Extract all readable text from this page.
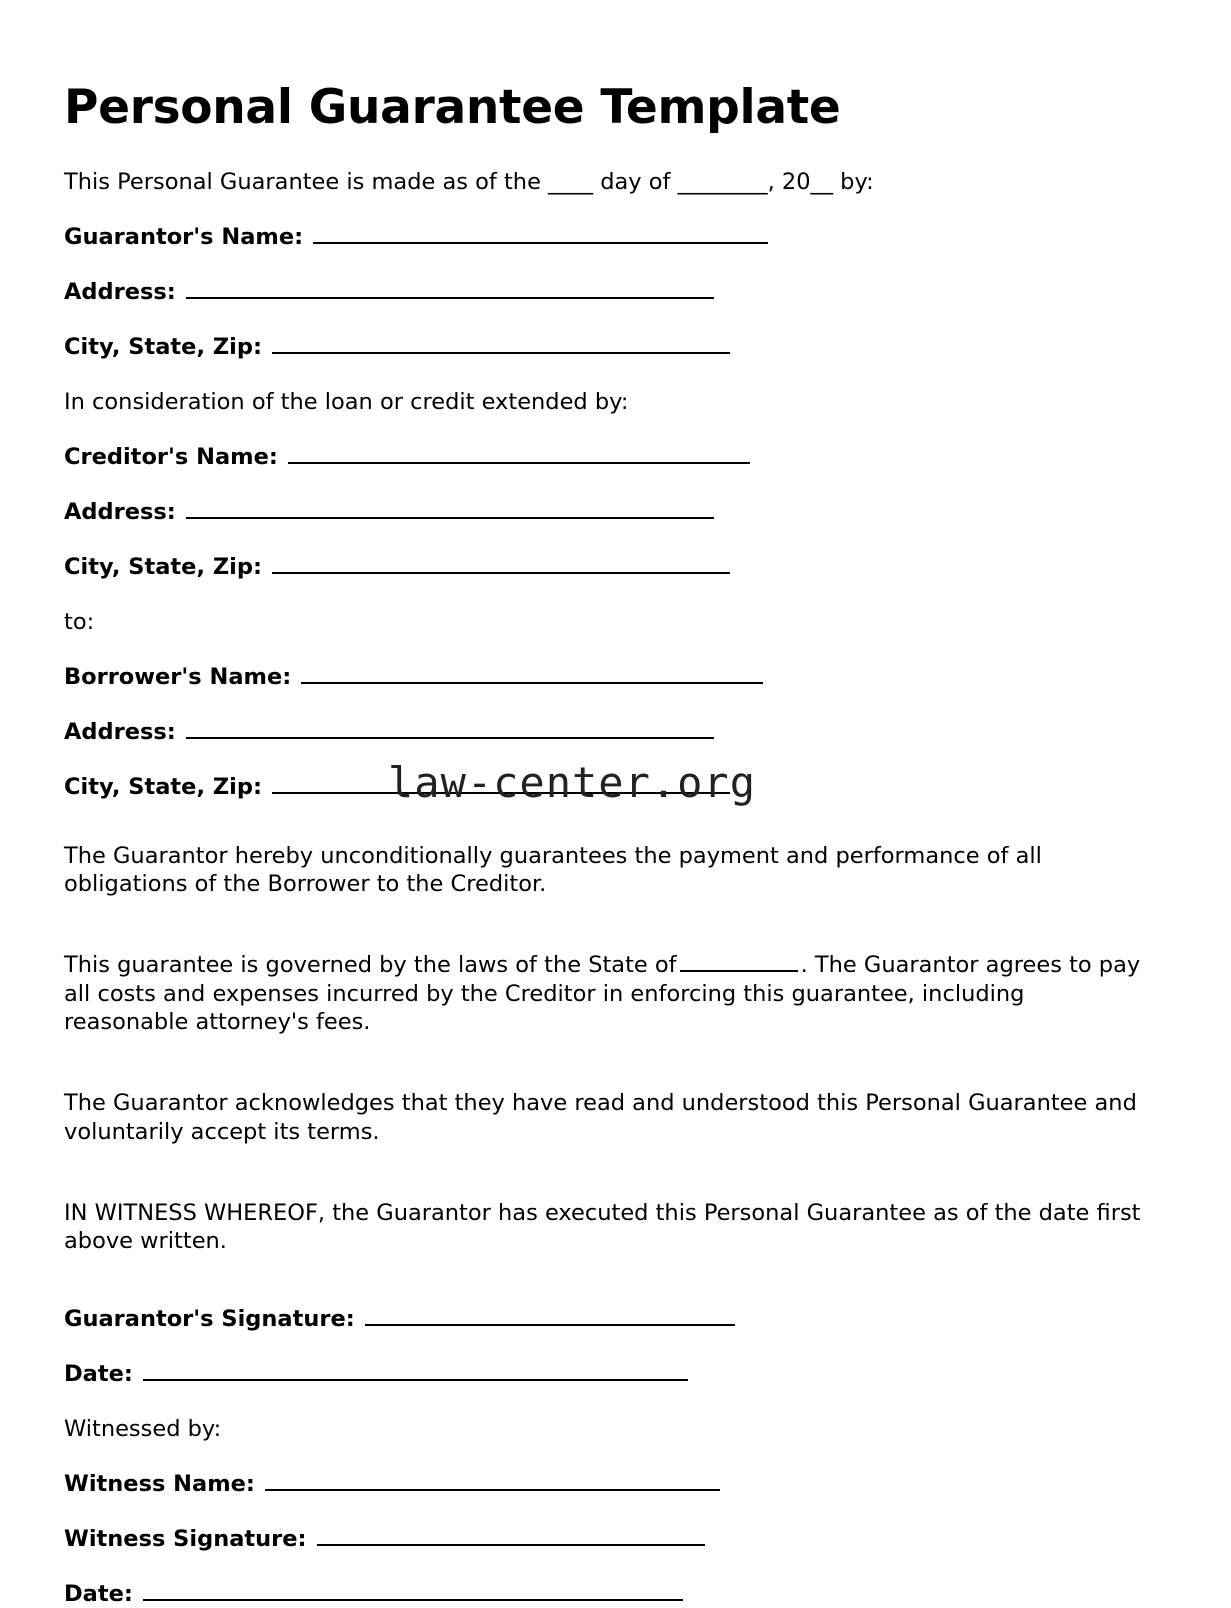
Personal Guarantee Template

This Personal Guarantee is made as of the ____ day of ________, 20__ by:

Guarantor's Name:
Address:
City, State, Zip:

In consideration of the loan or credit extended by:

Creditor's Name:
Address:
City, State, Zip:

to:

Borrower's Name:
Address:
City, State, Zip:

The Guarantor hereby unconditionally guarantees the payment and performance of all obligations of the Borrower to the Creditor.

This guarantee is governed by the laws of the State of	. The Guarantor agrees to pay all costs and expenses incurred by the Creditor in enforcing this guarantee, including reasonable attorney's fees.

The Guarantor acknowledges that they have read and understood this Personal Guarantee and voluntarily accept its terms.

IN WITNESS WHEREOF, the Guarantor has executed this Personal Guarantee as of the date first above written.

Guarantor's Signature:
Date:

Witnessed by:

Witness Name:
Witness Signature:
Date:
law-center.org
